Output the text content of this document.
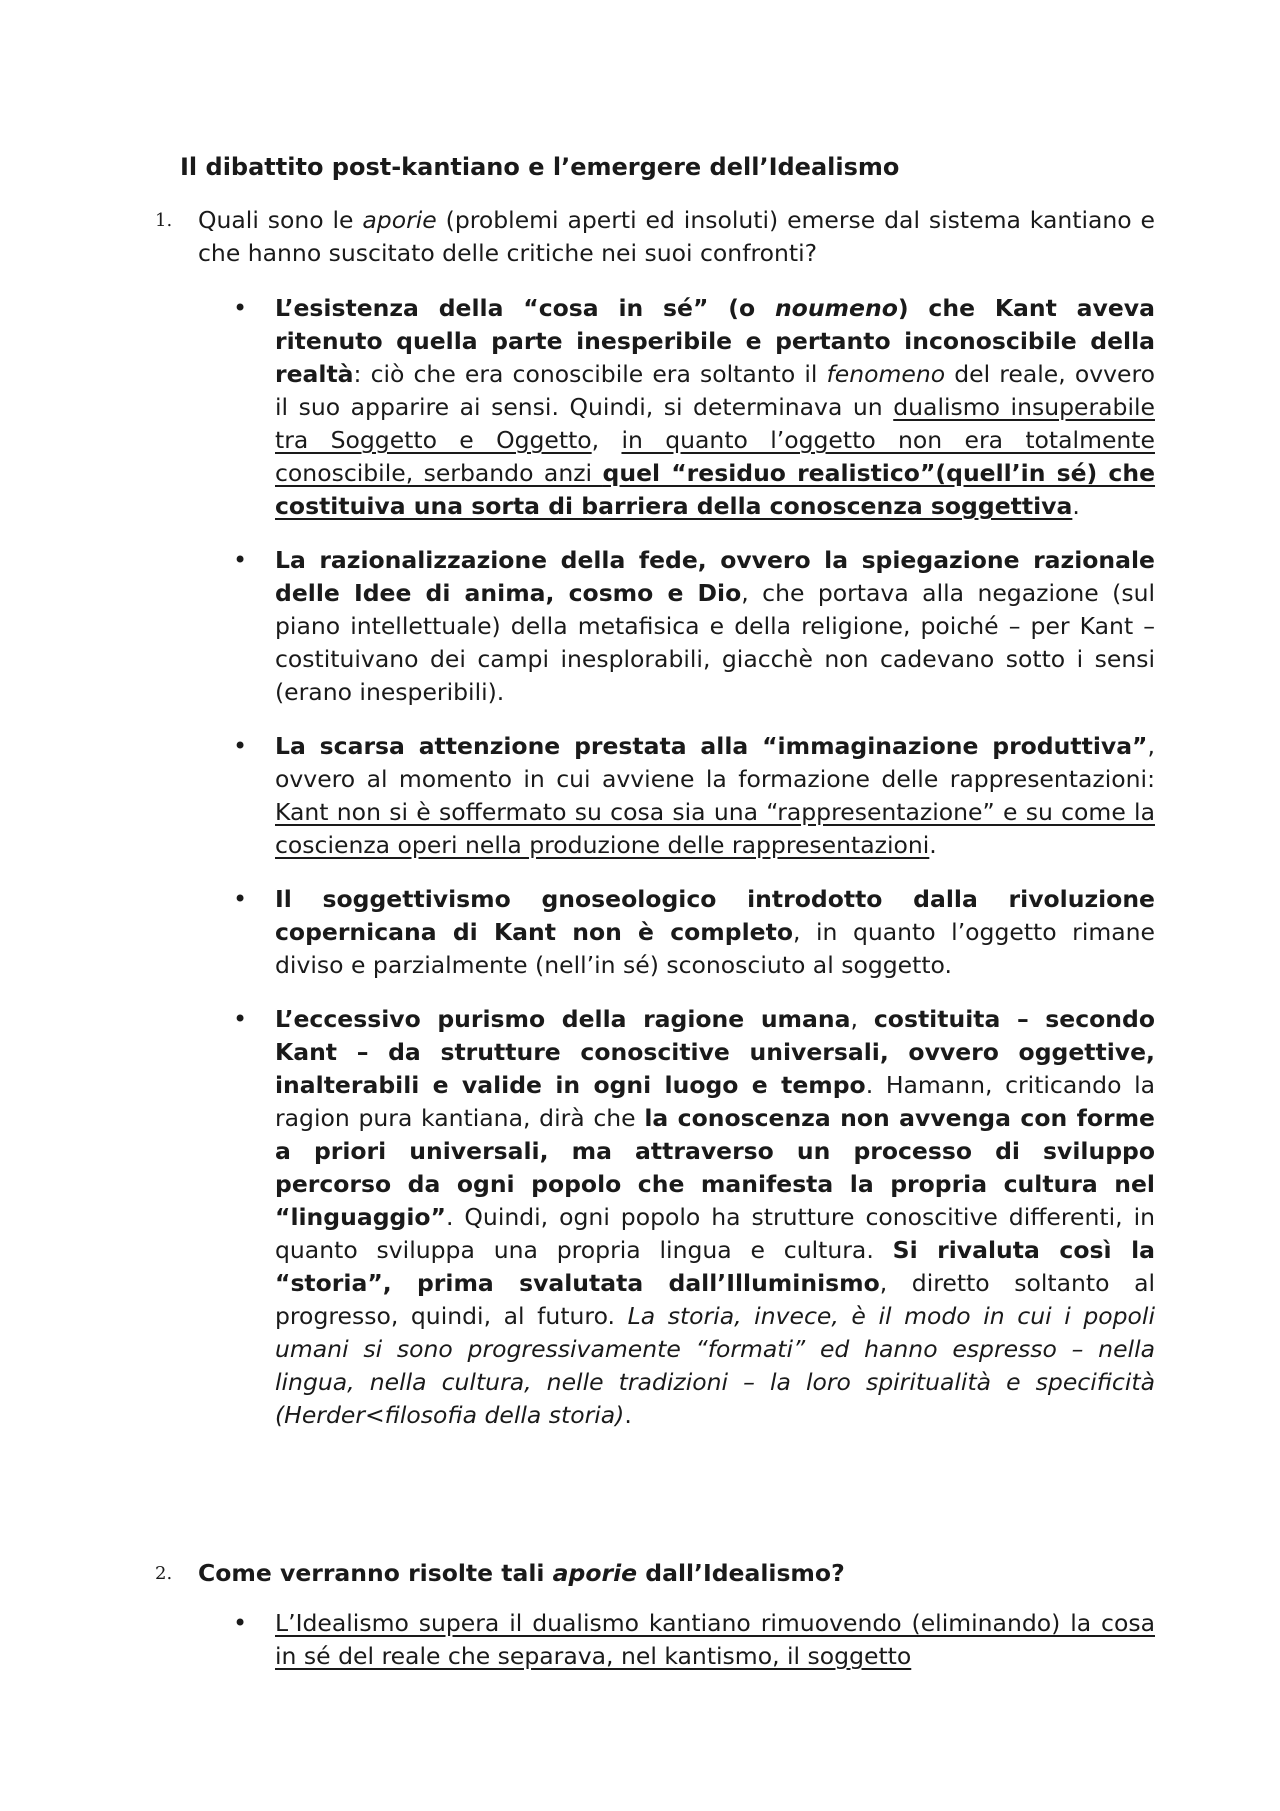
Il dibattito post-kantiano e l’emergere dell’Idealismo
1. Quali sono le aporie (problemi aperti ed insoluti) emerse dal sistema kantiano e che hanno suscitato delle critiche nei suoi confronti?
• L’esistenza della “cosa in sé” (o noumeno) che Kant aveva ritenuto quella parte inesperibile e pertanto inconoscibile della realtà: ciò che era conoscibile era soltanto il fenomeno del reale, ovvero il suo apparire ai sensi. Quindi, si determinava un dualismo insuperabile tra Soggetto e Oggetto, in quanto l’oggetto non era totalmente conoscibile, serbando anzi quel “residuo realistico”(quell’in sé) che costituiva una sorta di barriera della conoscenza soggettiva.
• La razionalizzazione della fede, ovvero la spiegazione razionale delle Idee di anima, cosmo e Dio, che portava alla negazione (sul piano intellettuale) della metafisica e della religione, poiché – per Kant – costituivano dei campi inesplorabili, giacchè non cadevano sotto i sensi (erano inesperibili).
• La scarsa attenzione prestata alla “immaginazione produttiva”, ovvero al momento in cui avviene la formazione delle rappresentazioni: Kant non si è soffermato su cosa sia una “rappresentazione” e su come la coscienza operi nella produzione delle rappresentazioni.
• Il soggettivismo gnoseologico introdotto dalla rivoluzione copernicana di Kant non è completo, in quanto l’oggetto rimane diviso e parzialmente (nell’in sé) sconosciuto al soggetto.
• L’eccessivo purismo della ragione umana, costituita – secondo Kant – da strutture conoscitive universali, ovvero oggettive, inalterabili e valide in ogni luogo e tempo. Hamann, criticando la ragion pura kantiana, dirà che la conoscenza non avvenga con forme a priori universali, ma attraverso un processo di sviluppo percorso da ogni popolo che manifesta la propria cultura nel “linguaggio”. Quindi, ogni popolo ha strutture conoscitive differenti, in quanto sviluppa una propria lingua e cultura. Si rivaluta così la “storia”, prima svalutata dall’Illuminismo, diretto soltanto al progresso, quindi, al futuro. La storia, invece, è il modo in cui i popoli umani si sono progressivamente “formati” ed hanno espresso – nella lingua, nella cultura, nelle tradizioni – la loro spiritualità e specificità (Herder<filosofia della storia).
2. Come verranno risolte tali aporie dall’Idealismo?
• L’Idealismo supera il dualismo kantiano rimuovendo (eliminando) la cosa in sé del reale che separava, nel kantismo, il soggetto
